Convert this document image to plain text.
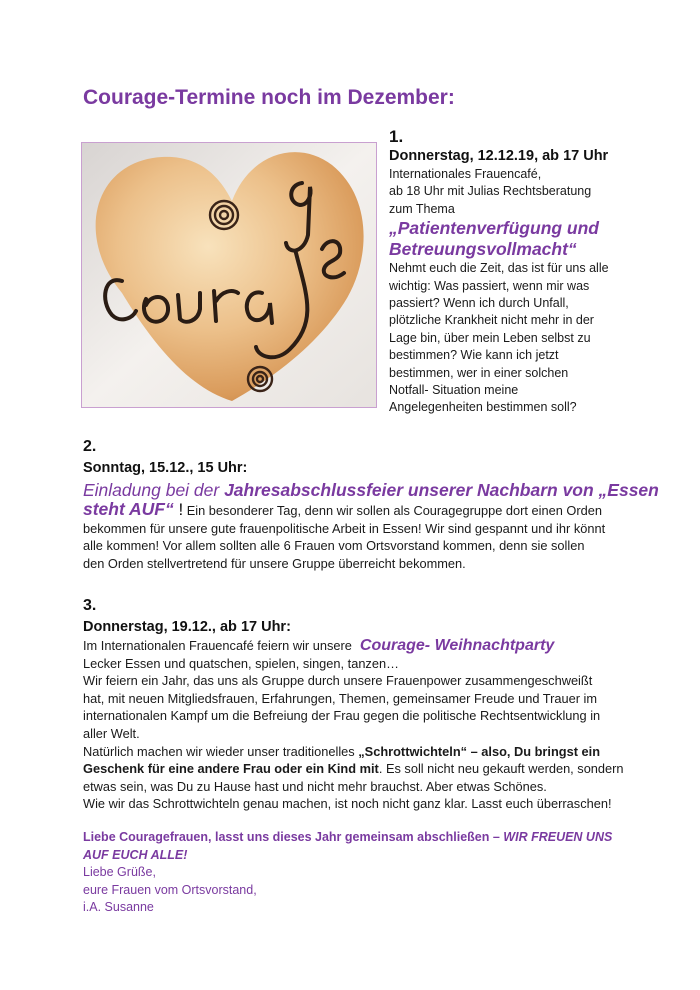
Courage-Termine noch im Dezember:
1.
Donnerstag, 12.12.19, ab 17 Uhr
Internationales Frauencafé,
ab 18 Uhr mit Julias Rechtsberatung
zum Thema
„Patientenverfügung und
Betreuungsvollmacht“
Nehmt euch die Zeit, das ist für uns alle
wichtig: Was passiert, wenn mir was
passiert? Wenn ich durch Unfall,
plötzliche Krankheit nicht mehr in der
Lage bin, über mein Leben selbst zu
bestimmen? Wie kann ich jetzt
bestimmen, wer in einer solchen
Notfall- Situation meine
Angelegenheiten bestimmen soll?
2.
Sonntag, 15.12., 15 Uhr:
Einladung bei der Jahresabschlussfeier unserer Nachbarn von „Essen
steht AUF“ ! Ein besonderer Tag, denn wir sollen als Couragegruppe dort einen Orden
bekommen für unsere gute frauenpolitische Arbeit in Essen! Wir sind gespannt und ihr könnt
alle kommen! Vor allem sollten alle 6 Frauen vom Ortsvorstand kommen, denn sie sollen
den Orden stellvertretend für unsere Gruppe überreicht bekommen.
3.
Donnerstag, 19.12., ab 17 Uhr:
Im Internationalen Frauencafé feiern wir unsere Courage- Weihnachtparty
Lecker Essen und quatschen, spielen, singen, tanzen…
Wir feiern ein Jahr, das uns als Gruppe durch unsere Frauenpower zusammengeschweißt
hat, mit neuen Mitgliedsfrauen, Erfahrungen, Themen, gemeinsamer Freude und Trauer im
internationalen Kampf um die Befreiung der Frau gegen die politische Rechtsentwicklung in
aller Welt.
Natürlich machen wir wieder unser traditionelles „Schrottwichteln“ – also, Du bringst ein
Geschenk für eine andere Frau oder ein Kind mit. Es soll nicht neu gekauft werden, sondern
etwas sein, was Du zu Hause hast und nicht mehr brauchst. Aber etwas Schönes.
Wie wir das Schrottwichteln genau machen, ist noch nicht ganz klar. Lasst euch überraschen!
Liebe Couragefrauen, lasst uns dieses Jahr gemeinsam abschließen – WIR FREUEN UNS
AUF EUCH ALLE!
Liebe Grüße,
eure Frauen vom Ortsvorstand,
i.A. Susanne
